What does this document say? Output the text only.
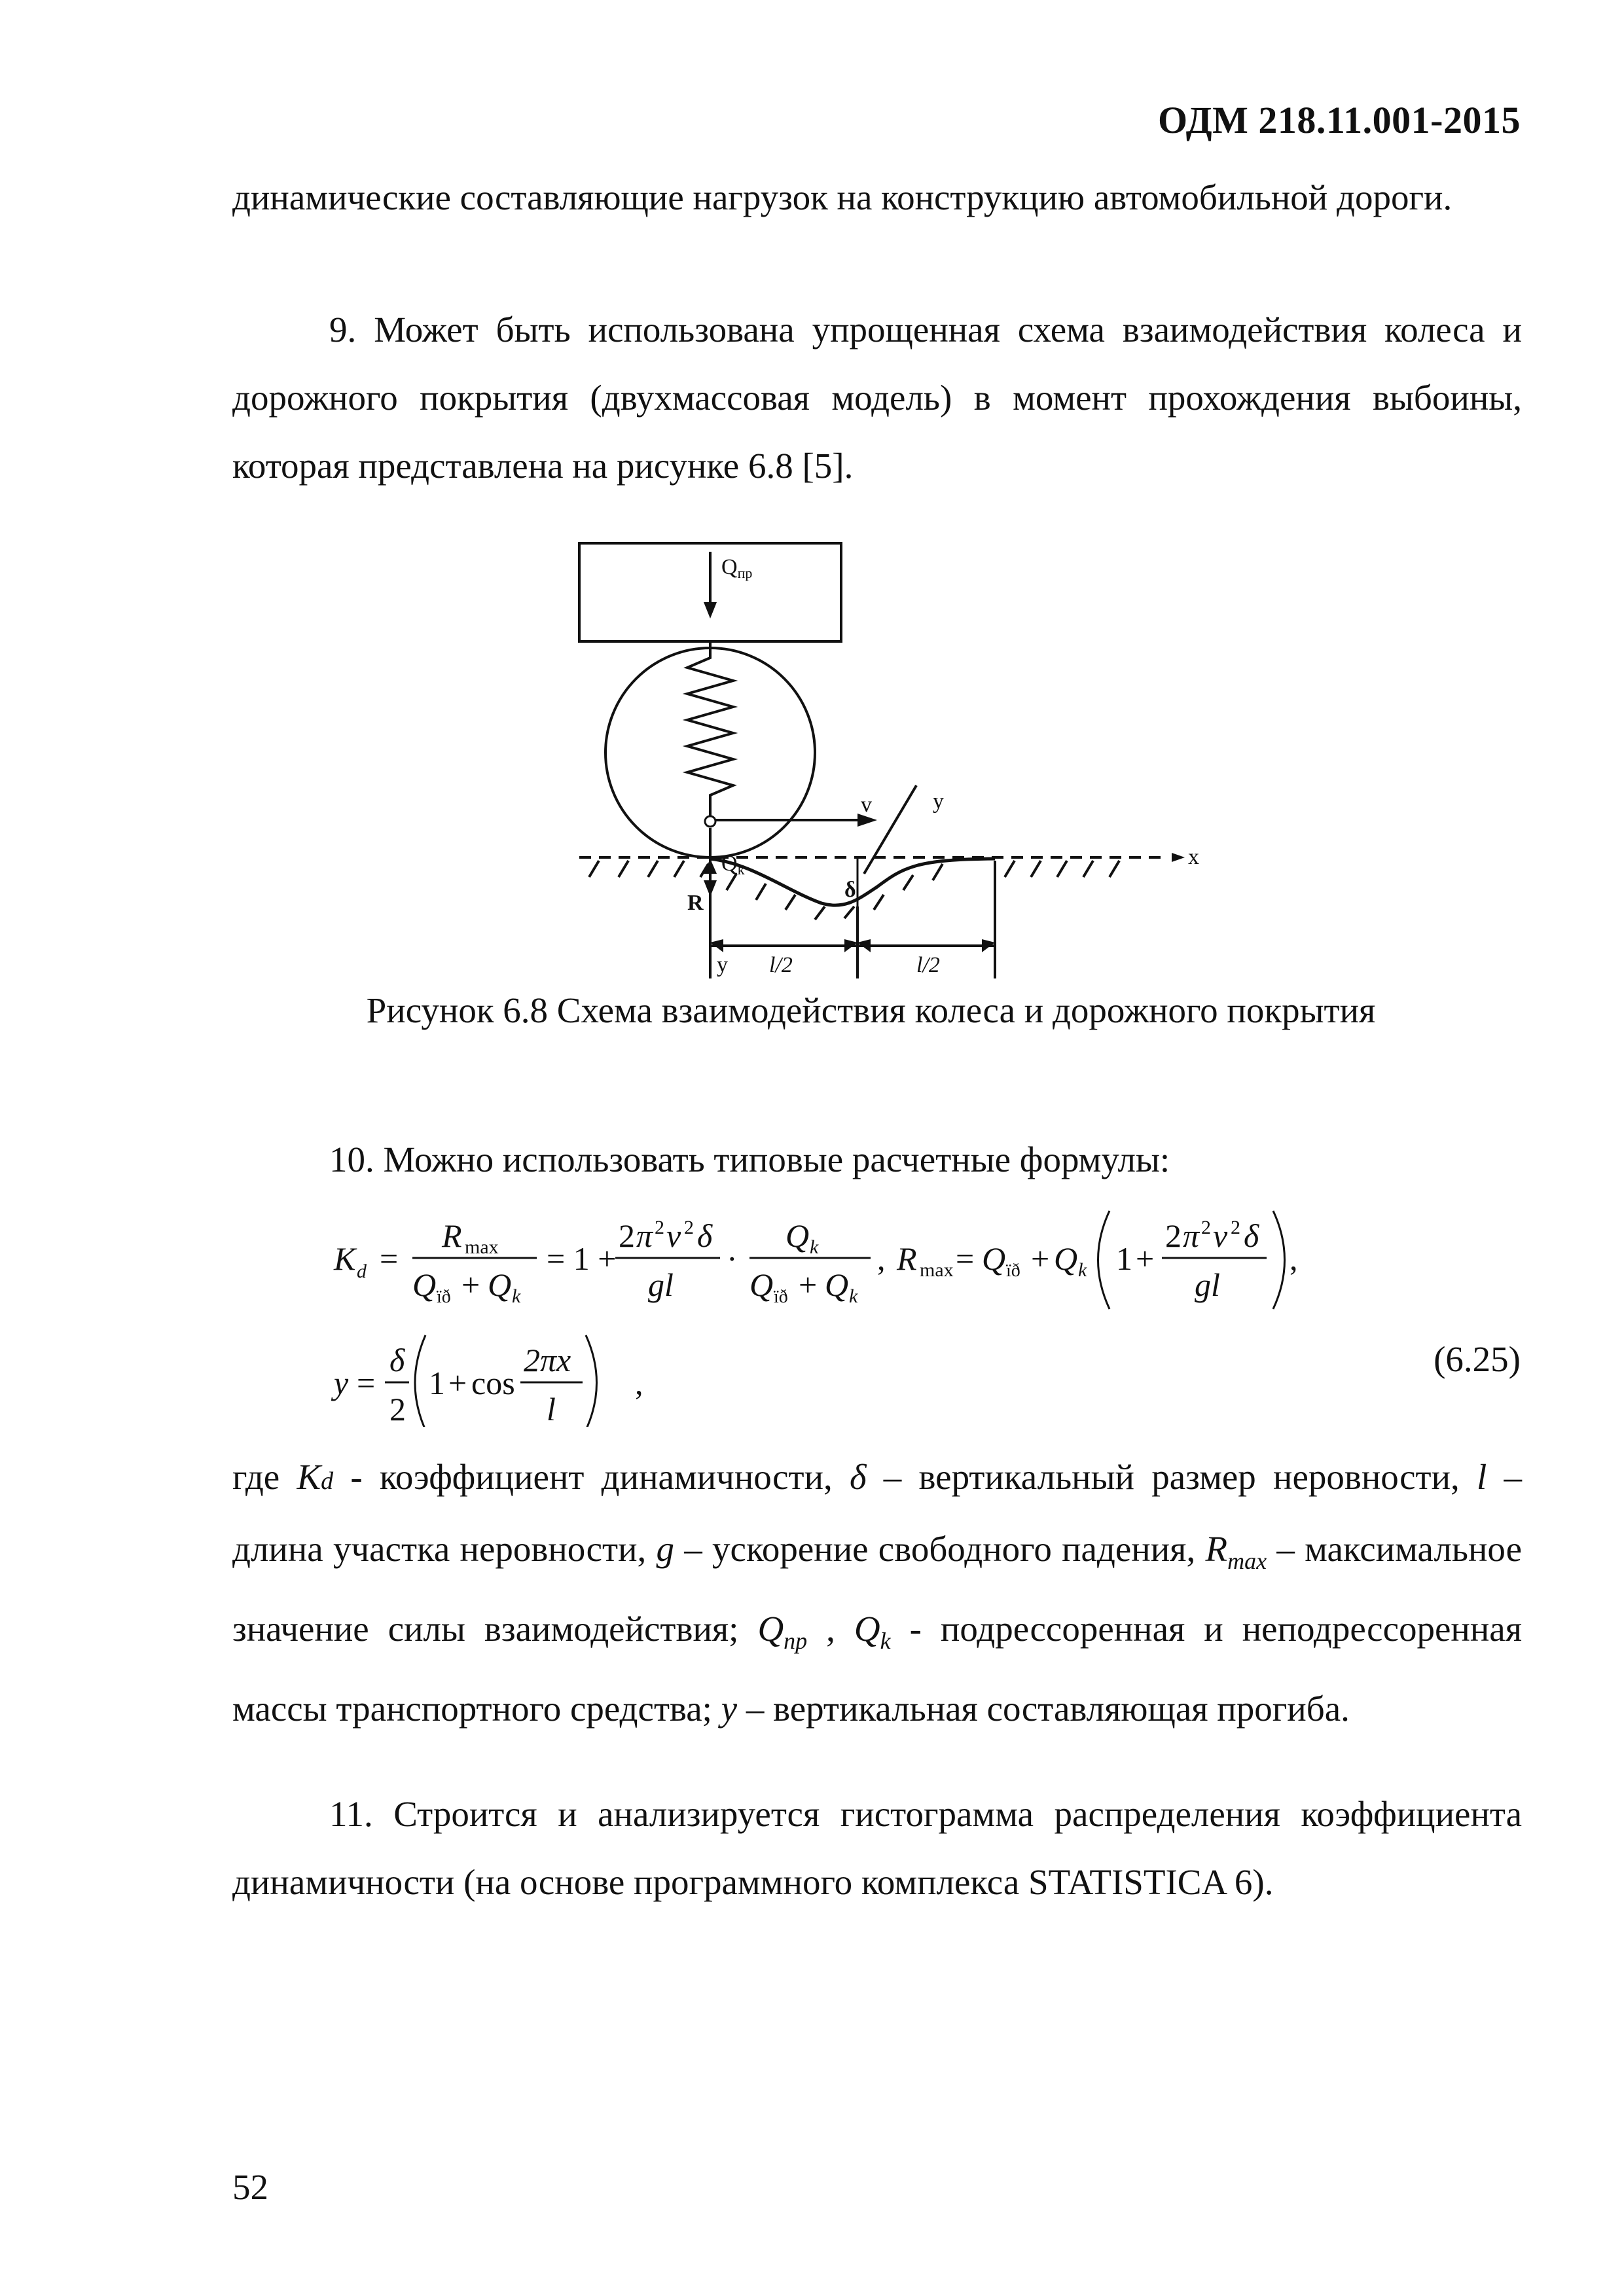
ОДМ 218.11.001-2015

динамические составляющие нагрузок на конструкцию автомобильной дороги.

9. Может быть использована упрощенная схема взаимодействия колеса и дорожного покрытия (двухмассовая модель) в момент прохождения выбоины, которая представлена на рисунке 6.8 [5].

Qпр
v
Qk
y
x
δ
R
y l/2	l/2

Рисунок 6.8 Схема взаимодействия колеса и дорожного покрытия

10. Можно использовать типовые расчетные формулы:

K d =
R max
Q ïð + Q k
= 1 +
2 π 2 ν 2 δ
gl
·
Q k
Q ïð + Q k
, R max = Q ïð + Q k 1 +
2 π 2 ν 2 δ
gl
,
y =
δ
2
1 + cos
2πx
l
,
(6.25)

где Kd - коэффициент динамичности, δ – вертикальный размер неровности, l – длина участка неровности, g – ускорение свободного падения, $R_{max}$ – максимальное значение силы взаимодействия; $Q_{пр}$ , $Q_k$ - подрессоренная и неподрессоренная массы транспортного средства; y – вертикальная составляющая прогиба.

11. Строится и анализируется гистограмма распределения коэффициента динамичности (на основе программного комплекса STATISTICA 6).

52
